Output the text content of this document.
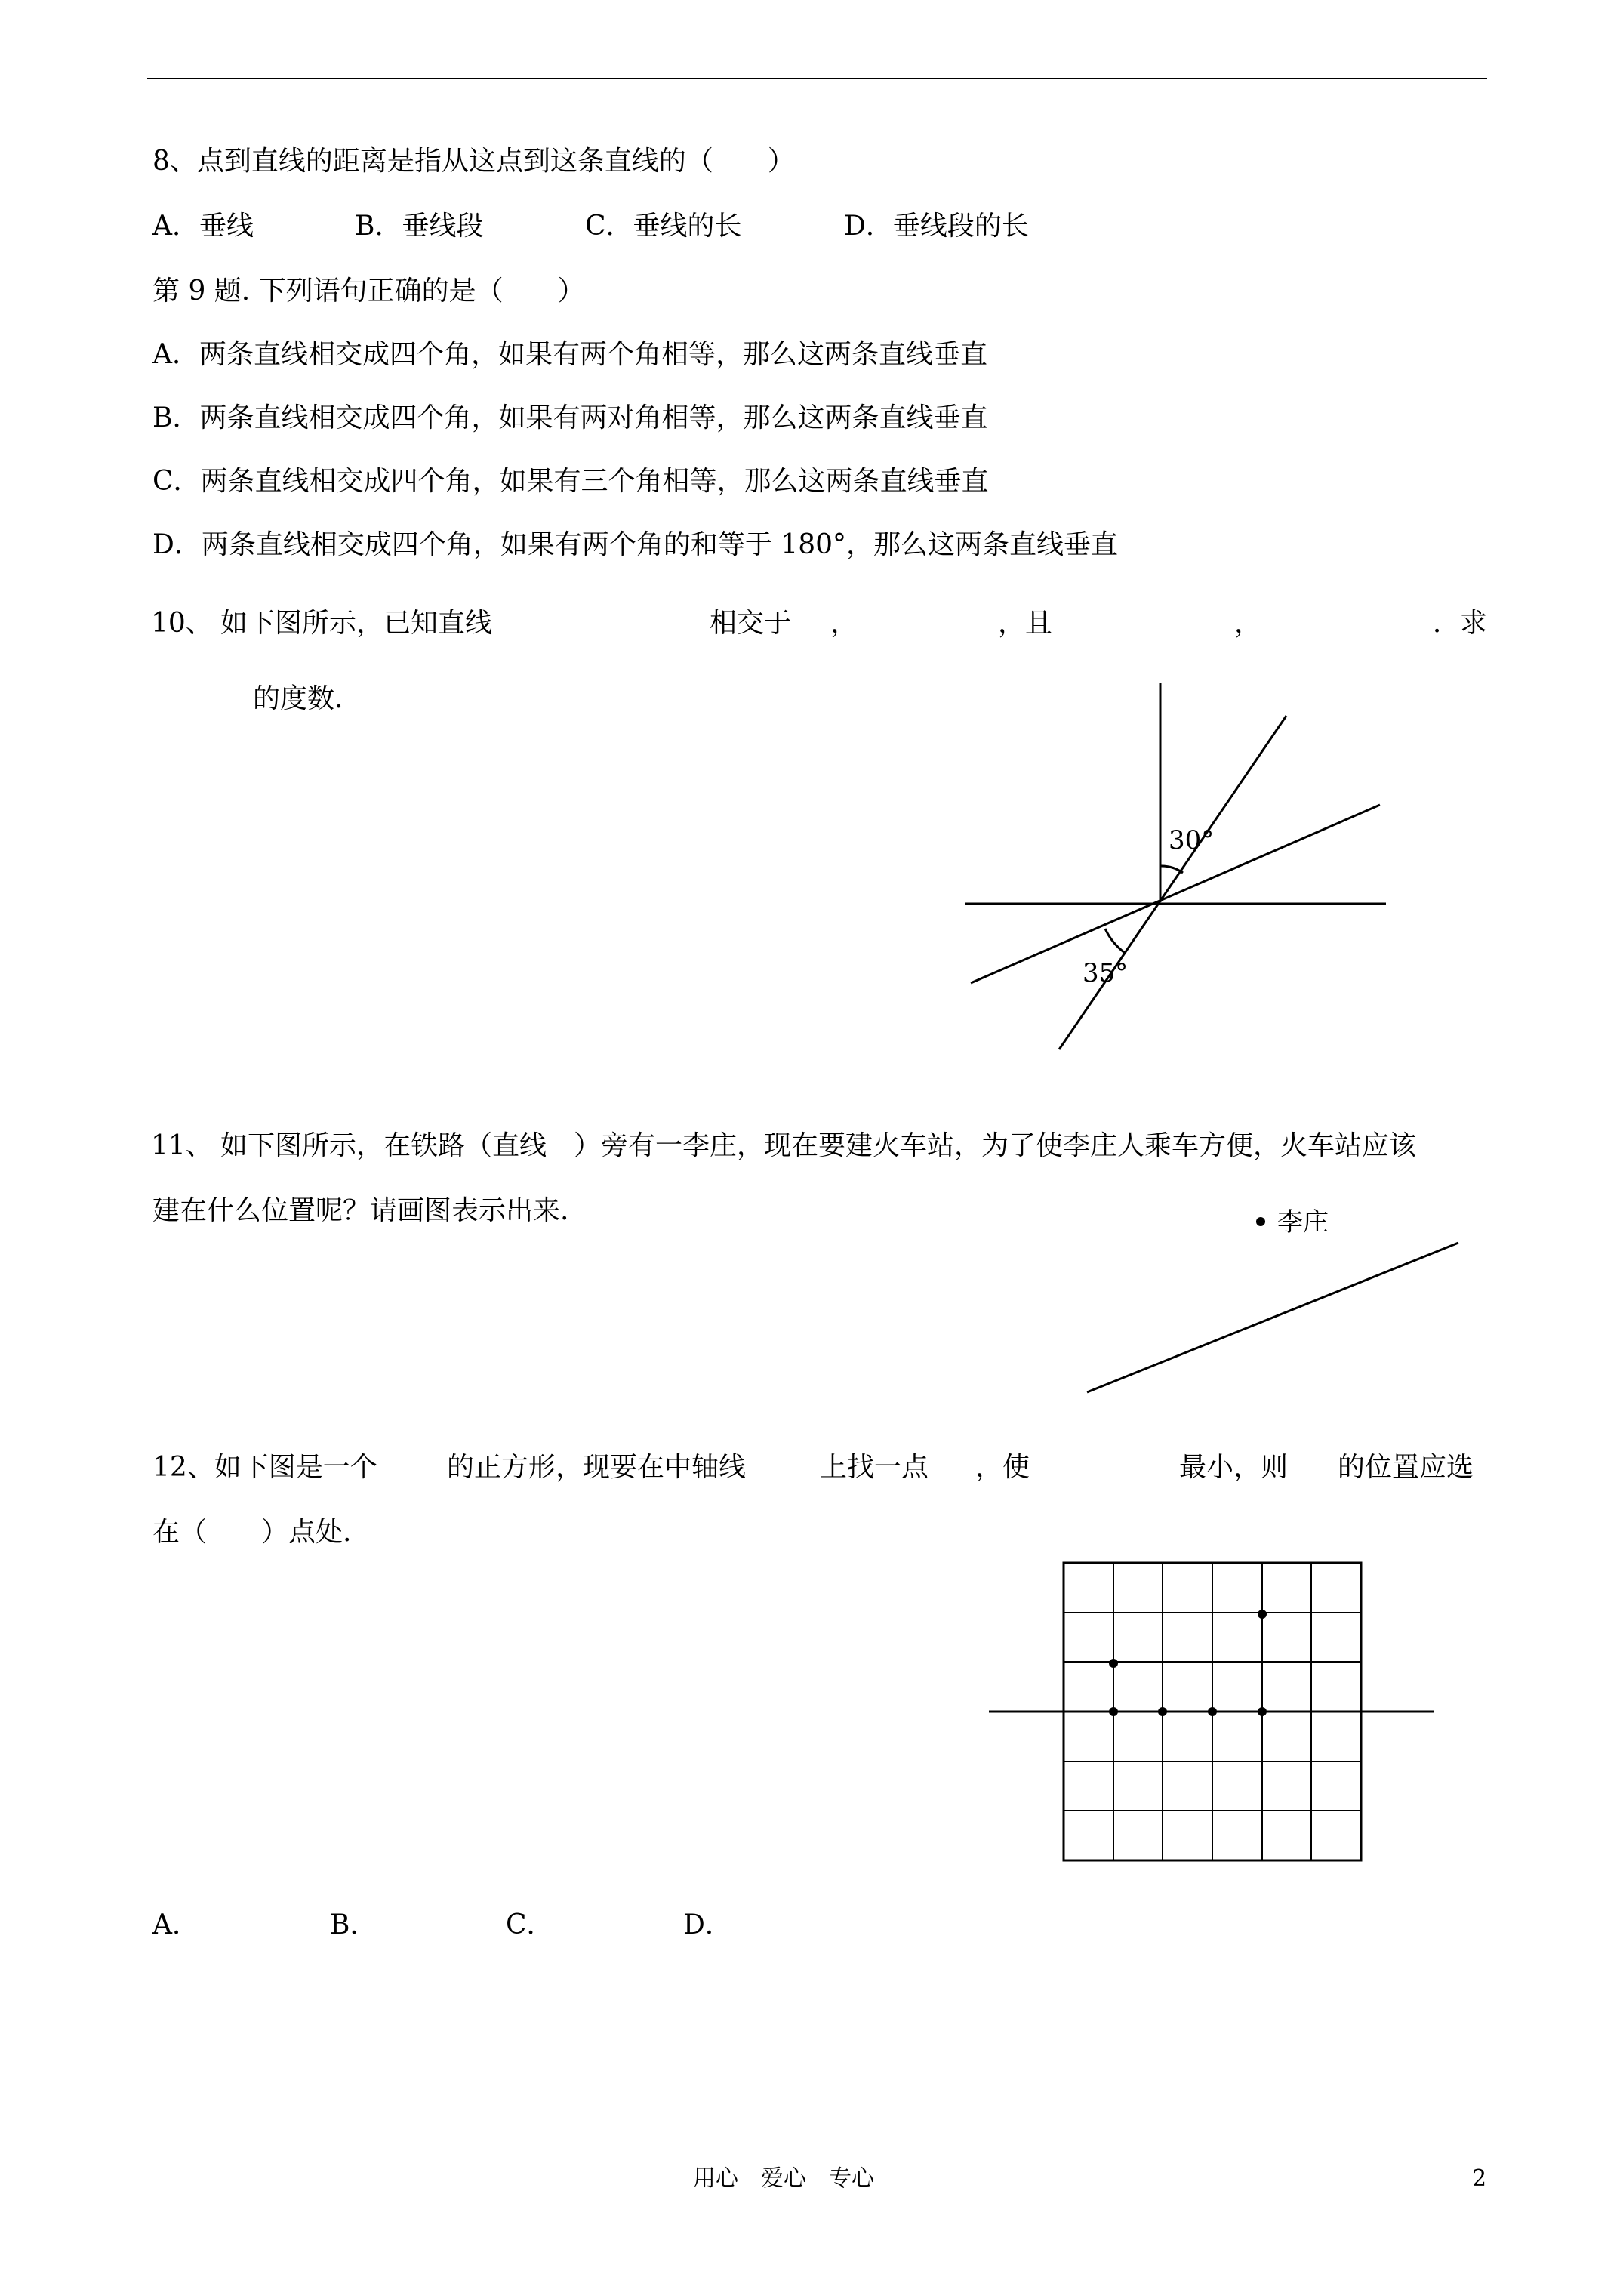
8、点到直线的距离是指从这点到这条直线的（　　）
A．垂线	B．垂线段	C．垂线的长	D．垂线段的长
第 9 题. 下列语句正确的是（　　）
A．两条直线相交成四个角，如果有两个角相等，那么这两条直线垂直
B．两条直线相交成四个角，如果有两对角相等，那么这两条直线垂直
C．两条直线相交成四个角，如果有三个角相等，那么这两条直线垂直
D．两条直线相交成四个角，如果有两个角的和等于 180°，那么这两条直线垂直
10、 如下图所示，已知直线	相交于 ，	，且	，	．求
的度数.
30°
35°
11、 如下图所示，在铁路（直线　）旁有一李庄，现在要建火车站，为了使李庄人乘车方便，火车站应该
建在什么位置呢？请画图表示出来.	李庄
12、如下图是一个	的正方形，现要在中轴线	上找一点 ，使	最小，则 的位置应选
在（　　）点处.
A．	B．	C．	D．
用心　爱心　专心	2
